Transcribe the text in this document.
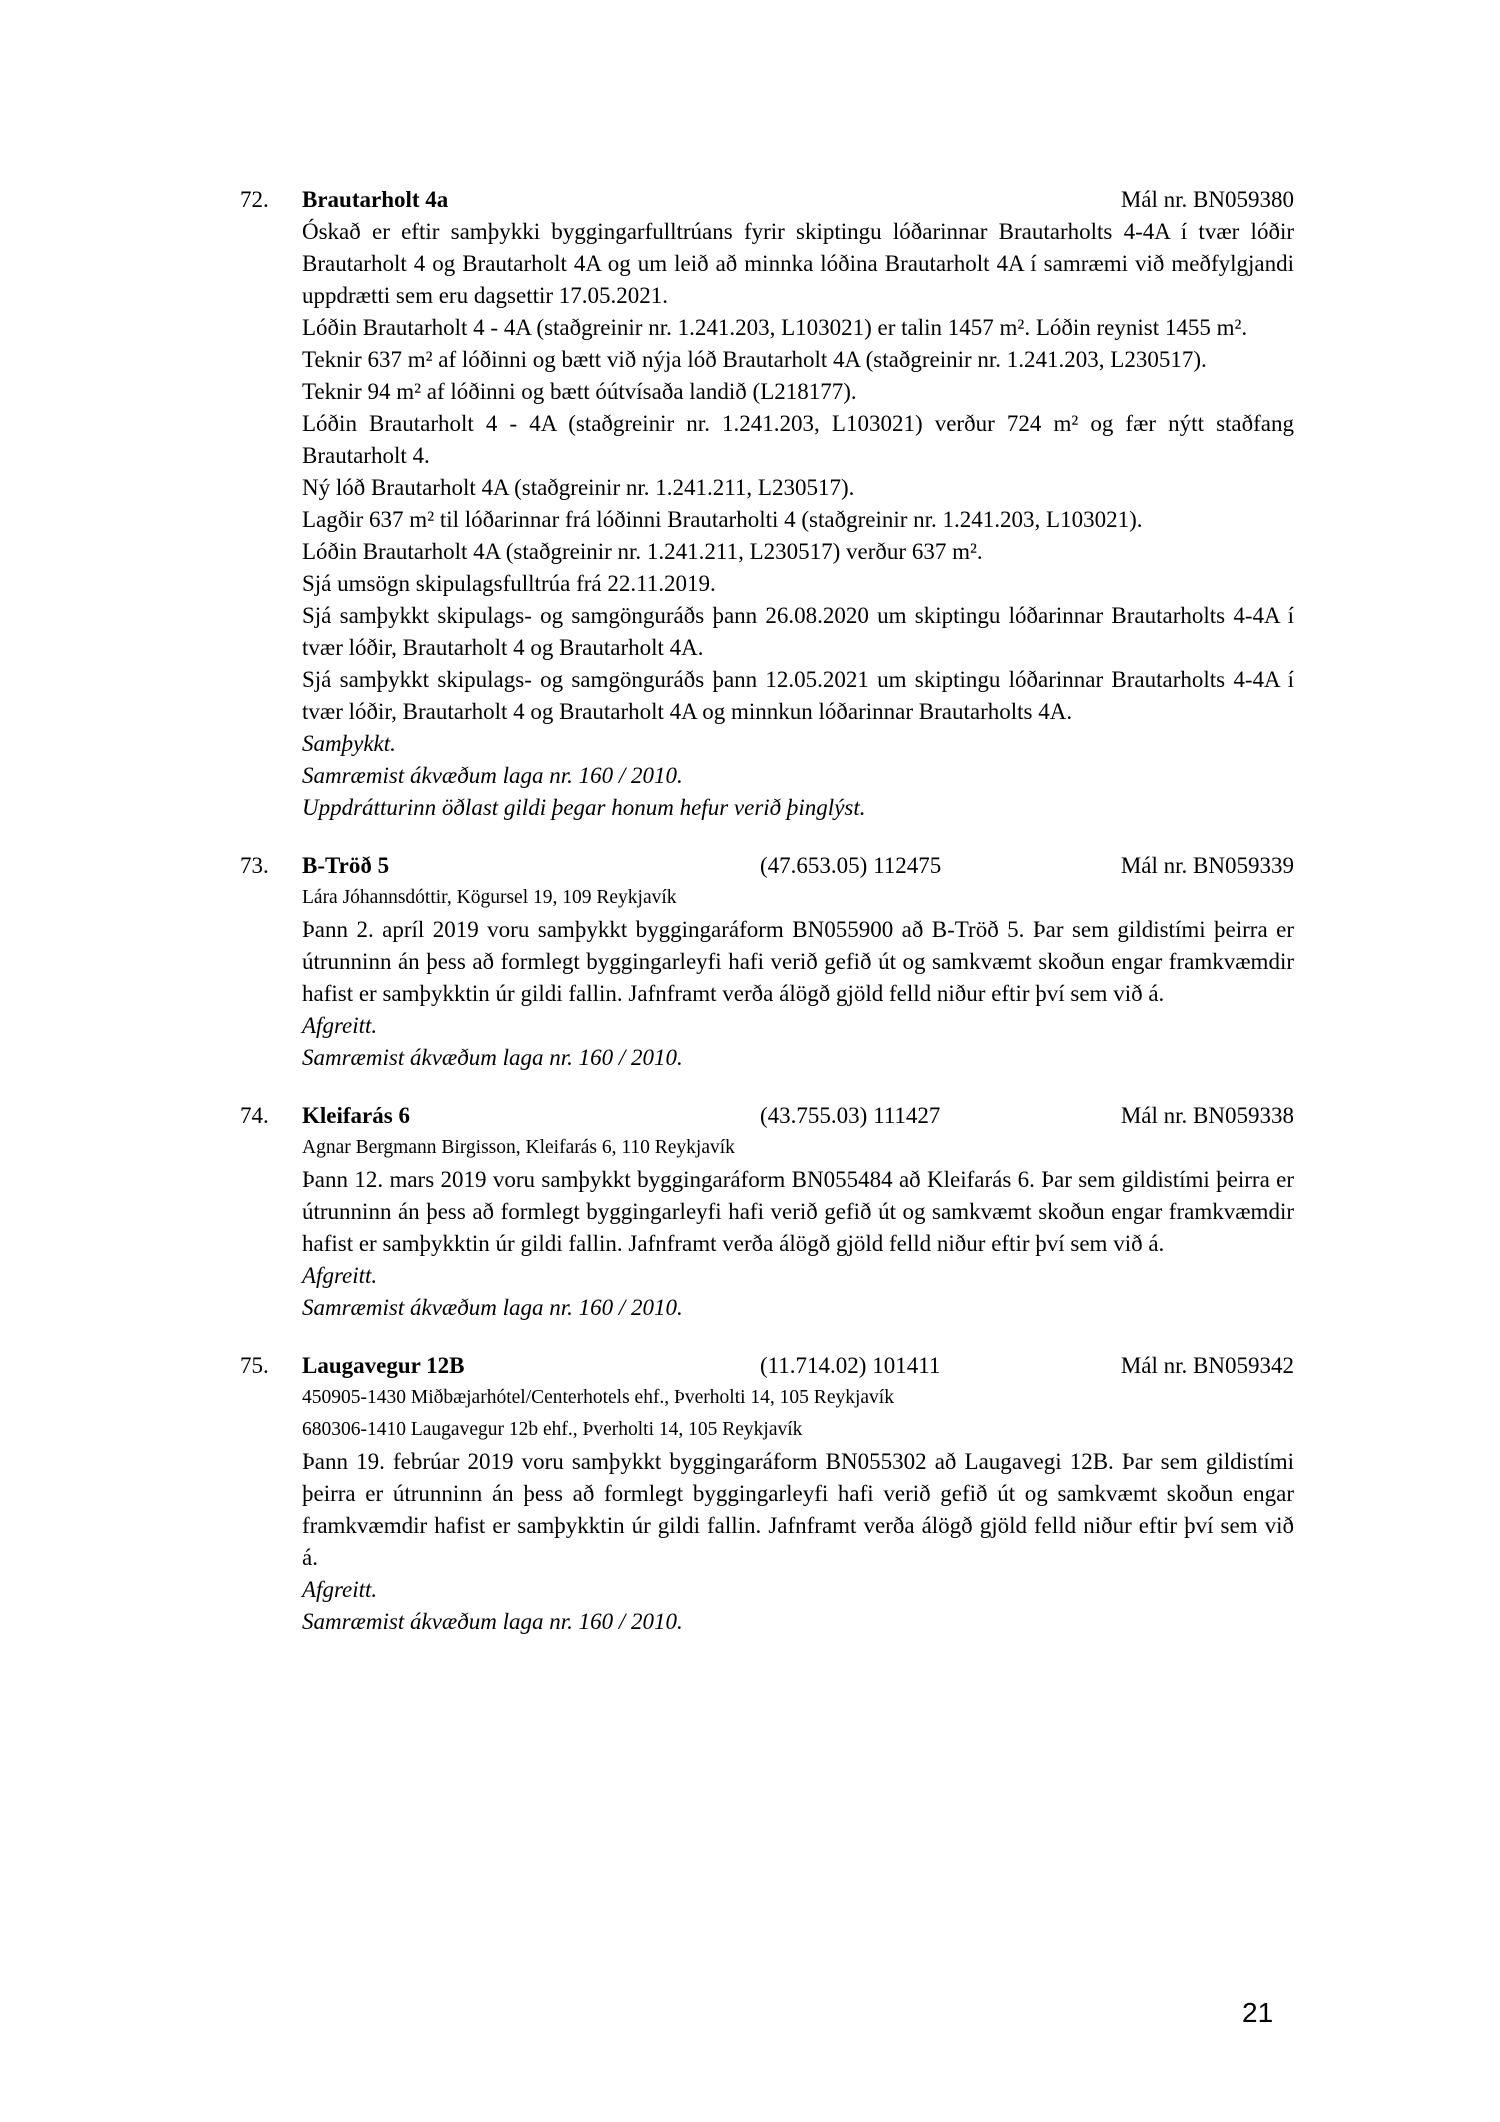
72. Brautarholt 4a	Mál nr. BN059380

Óskað er eftir samþykki byggingarfulltrúans fyrir skiptingu lóðarinnar Brautarholts 4-4A í tvær lóðir Brautarholt 4 og Brautarholt 4A og um leið að minnka lóðina Brautarholt 4A í samræmi við meðfylgjandi uppdrætti sem eru dagsettir 17.05.2021.

Lóðin Brautarholt 4 - 4A (staðgreinir nr. 1.241.203, L103021) er talin 1457 m². Lóðin reynist 1455 m².

Teknir 637 m² af lóðinni og bætt við nýja lóð Brautarholt 4A (staðgreinir nr. 1.241.203, L230517).

Teknir 94 m² af lóðinni og bætt óútvísaða landið (L218177).

Lóðin Brautarholt 4 - 4A (staðgreinir nr. 1.241.203, L103021) verður 724 m² og fær nýtt staðfang Brautarholt 4.

Ný lóð Brautarholt 4A (staðgreinir nr. 1.241.211, L230517).

Lagðir 637 m² til lóðarinnar frá lóðinni Brautarholti 4 (staðgreinir nr. 1.241.203, L103021).

Lóðin Brautarholt 4A (staðgreinir nr. 1.241.211, L230517) verður 637 m².

Sjá umsögn skipulagsfulltrúa frá 22.11.2019.

Sjá samþykkt skipulags- og samgönguráðs þann 26.08.2020 um skiptingu lóðarinnar Brautarholts 4-4A í tvær lóðir, Brautarholt 4 og Brautarholt 4A.

Sjá samþykkt skipulags- og samgönguráðs þann 12.05.2021 um skiptingu lóðarinnar Brautarholts 4-4A í tvær lóðir, Brautarholt 4 og Brautarholt 4A og minnkun lóðarinnar Brautarholts 4A.

Samþykkt.

Samræmist ákvæðum laga nr. 160 / 2010.

Uppdrátturinn öðlast gildi þegar honum hefur verið þinglýst.

73. B-Tröð 5	(47.653.05) 112475	Mál nr. BN059339

Lára Jóhannsdóttir, Kögursel 19, 109 Reykjavík

Þann 2. apríl 2019 voru samþykkt byggingaráform BN055900 að B-Tröð 5. Þar sem gildistími þeirra er útrunninn án þess að formlegt byggingarleyfi hafi verið gefið út og samkvæmt skoðun engar framkvæmdir hafist er samþykktin úr gildi fallin. Jafnframt verða álögð gjöld felld niður eftir því sem við á.

Afgreitt.

Samræmist ákvæðum laga nr. 160 / 2010.

74. Kleifarás 6	(43.755.03) 111427	Mál nr. BN059338

Agnar Bergmann Birgisson, Kleifarás 6, 110 Reykjavík

Þann 12. mars 2019 voru samþykkt byggingaráform BN055484 að Kleifarás 6. Þar sem gildistími þeirra er útrunninn án þess að formlegt byggingarleyfi hafi verið gefið út og samkvæmt skoðun engar framkvæmdir hafist er samþykktin úr gildi fallin. Jafnframt verða álögð gjöld felld niður eftir því sem við á.

Afgreitt.

Samræmist ákvæðum laga nr. 160 / 2010.

75. Laugavegur 12B	(11.714.02) 101411	Mál nr. BN059342

450905-1430 Miðbæjarhótel/Centerhotels ehf., Þverholti 14, 105 Reykjavík

680306-1410 Laugavegur 12b ehf., Þverholti 14, 105 Reykjavík

Þann 19. febrúar 2019 voru samþykkt byggingaráform BN055302 að Laugavegi 12B. Þar sem gildistími þeirra er útrunninn án þess að formlegt byggingarleyfi hafi verið gefið út og samkvæmt skoðun engar framkvæmdir hafist er samþykktin úr gildi fallin. Jafnframt verða álögð gjöld felld niður eftir því sem við á.

Afgreitt.

Samræmist ákvæðum laga nr. 160 / 2010.

21
